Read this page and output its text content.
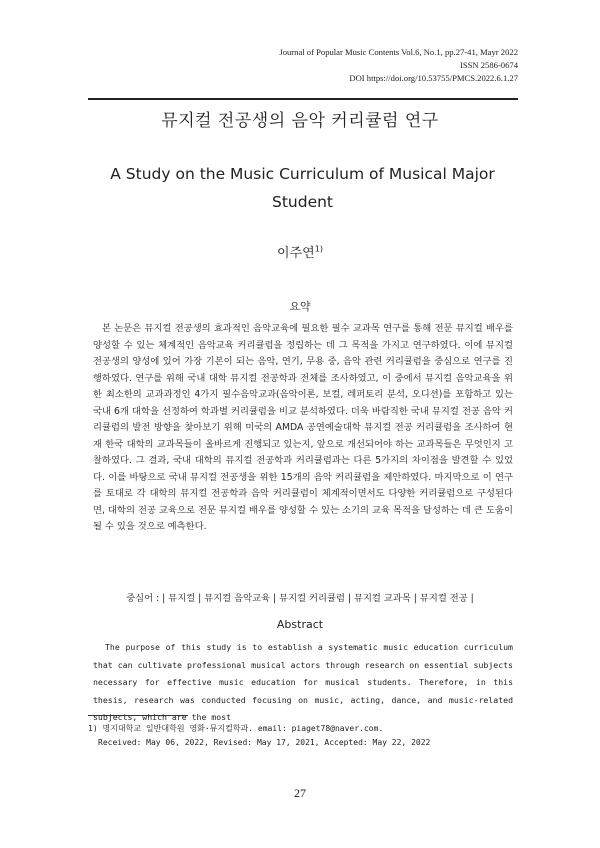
Journal of Popular Music Contents Vol.6, No.1, pp.27-41, Mayr 2022
ISSN 2586-0674
DOI https://doi.org/10.53755/PMCS.2022.6.1.27
뮤지컬 전공생의 음악 커리큘럼 연구
A Study on the Music Curriculum of Musical Major Student
이주연$^{1)}$
요약

본 논문은 뮤지컬 전공생의 효과적인 음악교육에 필요한 필수 교과목 연구를 통해 전문 뮤지컬 배우를 양성할 수 있는 체계적인 음악교육 커리큘럼을 정립하는 데 그 목적을 가지고 연구하였다. 이에 뮤지컬 전공생의 양성에 있어 가장 기본이 되는 음악, 연기, 무용 중, 음악 관련 커리큘럼을 중심으로 연구를 진행하였다. 연구를 위해 국내 대학 뮤지컬 전공학과 전체를 조사하였고, 이 중에서 뮤지컬 음악교육을 위한 최소한의 교과과정인 4가지 필수음악교과(음악이론, 보컬, 레퍼토리 분석, 오디션)를 포함하고 있는 국내 6개 대학을 선정하여 학과별 커리큘럼을 비교 분석하였다. 더욱 바람직한 국내 뮤지컬 전공 음악 커리큘럼의 발전 방향을 찾아보기 위해 미국의 AMDA 공연예술대학 뮤지컬 전공 커리큘럼을 조사하여 현재 한국 대학의 교과목들이 올바르게 진행되고 있는지, 앞으로 개선되어야 하는 교과목들은 무엇인지 고찰하였다. 그 결과, 국내 대학의 뮤지컬 전공학과 커리큘럼과는 다른 5가지의 차이점을 발견할 수 있었다. 이를 바탕으로 국내 뮤지컬 전공생을 위한 15개의 음악 커리큘럼을 제안하였다. 마지막으로 이 연구를 토대로 각 대학의 뮤지컬 전공학과 음악 커리큘럼이 체계적이면서도 다양한 커리큘럼으로 구성된다면, 대학의 전공 교육으로 전문 뮤지컬 배우를 양성할 수 있는 소기의 교육 목적을 달성하는 데 큰 도움이 될 수 있을 것으로 예측한다.

중심어 : | 뮤지컬 | 뮤지컬 음악교육 | 뮤지컬 커리큘럼 | 뮤지컬 교과목 | 뮤지컬 전공 |
Abstract

The purpose of this study is to establish a systematic music education curriculum that can cultivate professional musical actors through research on essential subjects necessary for effective music education for musical students. Therefore, in this thesis, research was conducted focusing on music, acting, dance, and music-related subjects, which are the most

1) 명지대학교 일반대학원 영화·뮤지컬학과. email: piaget78@naver.com.
Received: May 06, 2022, Revised: May 17, 2021, Accepted: May 22, 2022
27
